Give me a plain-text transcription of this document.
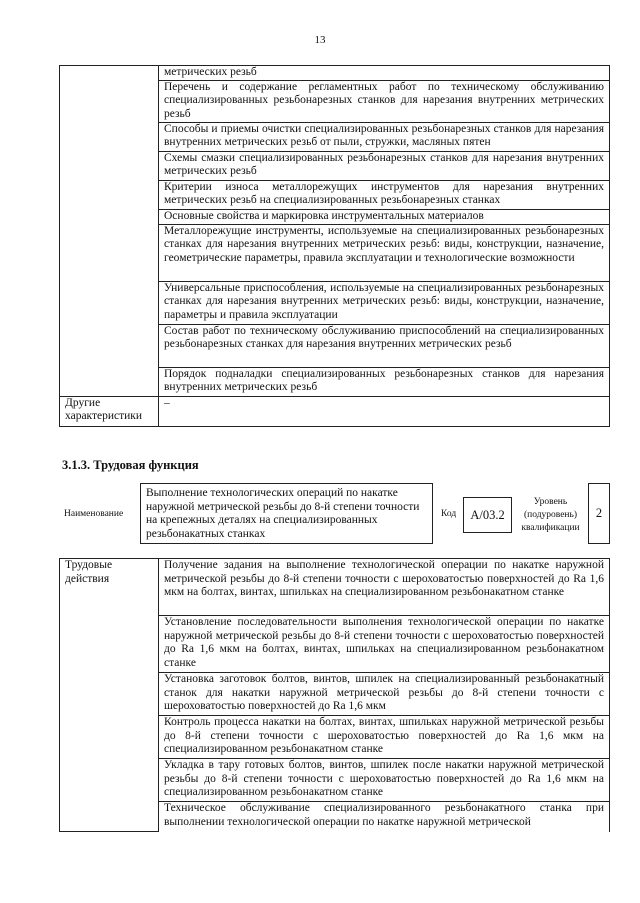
13
	метрических резьб
	Перечень и содержание регламентных работ по техническому обслуживанию специализированных резьбонарезных станков для нарезания внутренних метрических резьб
	Способы и приемы очистки специализированных резьбонарезных станков для нарезания внутренних метрических резьб от пыли, стружки, масляных пятен
	Схемы смазки специализированных резьбонарезных станков для нарезания внутренних метрических резьб
	Критерии износа металлорежущих инструментов для нарезания внутренних метрических резьб на специализированных резьбонарезных станках
	Основные свойства и маркировка инструментальных материалов
	Металлорежущие инструменты, используемые на специализированных резьбонарезных станках для нарезания внутренних метрических резьб: виды, конструкции, назначение, геометрические параметры, правила эксплуатации и технологические возможности
	Универсальные приспособления, используемые на специализированных резьбонарезных станках для нарезания внутренних метрических резьб: виды, конструкции, назначение, параметры и правила эксплуатации
	Состав работ по техническому обслуживанию приспособлений на специализированных резьбонарезных станках для нарезания внутренних метрических резьб
	Порядок подналадки специализированных резьбонарезных станков для нарезания внутренних метрических резьб
Другие характеристики	–
3.1.3. Трудовая функция
Наименование
Выполнение технологических операций по накатке наружной метрической резьбы до 8-й степени точности на крепежных деталях на специализированных резьбонакатных станках
Код	A/03.2
Уровень (подуровень) квалификации
2
Трудовые действия	Получение задания на выполнение технологической операции по накатке наружной метрической резьбы до 8-й степени точности с шероховатостью поверхностей до Ra 1,6 мкм на болтах, винтах, шпильках на специализированном резьбонакатном станке
Установление последовательности выполнения технологической операции по накатке наружной метрической резьбы до 8-й степени точности с шероховатостью поверхностей до Ra 1,6 мкм на болтах, винтах, шпильках на специализированном резьбонакатном станке
Установка заготовок болтов, винтов, шпилек на специализированный резьбонакатный станок для накатки наружной метрической резьбы до 8-й степени точности с шероховатостью поверхностей до Ra 1,6 мкм
Контроль процесса накатки на болтах, винтах, шпильках наружной метрической резьбы до 8-й степени точности с шероховатостью поверхностей до Ra 1,6 мкм на специализированном резьбонакатном станке
Укладка в тару готовых болтов, винтов, шпилек после накатки наружной метрической резьбы до 8-й степени точности с шероховатостью поверхностей до Ra 1,6 мкм на специализированном резьбонакатном станке
Техническое обслуживание специализированного резьбонакатного станка при выполнении технологической операции по накатке наружной метрической
